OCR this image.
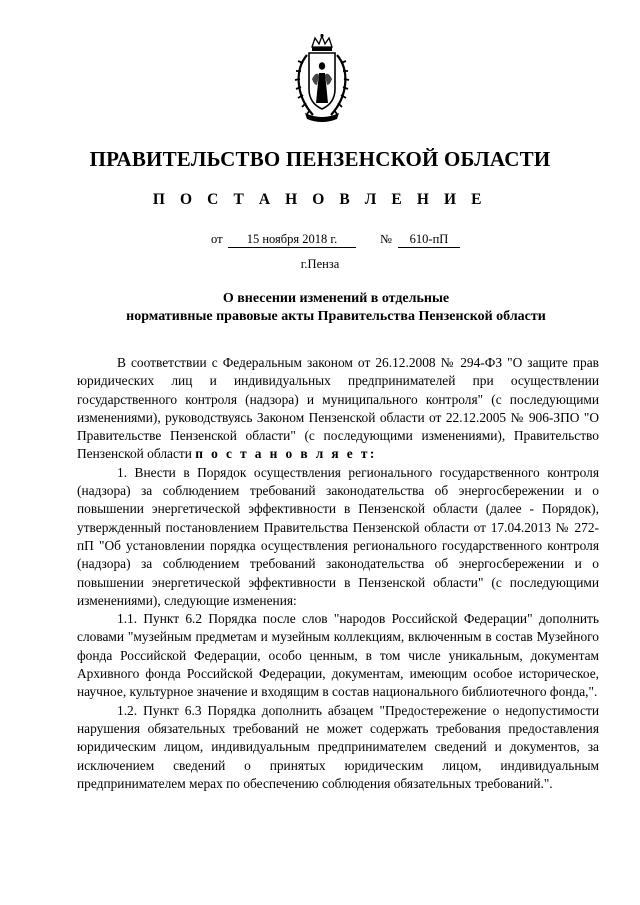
ПРАВИТЕЛЬСТВО ПЕНЗЕНСКОЙ ОБЛАСТИ
П О С Т А Н О В Л Е Н И Е
от	15 ноября 2018 г.	№	610-пП
г.Пенза
О внесении изменений в отдельные
нормативные правовые акты Правительства Пензенской области

В соответствии с Федеральным законом от 26.12.2008 № 294-ФЗ "О защите прав юридических лиц и индивидуальных предпринимателей при осуществлении государственного контроля (надзора) и муниципального контроля" (с последующими изменениями), руководствуясь Законом Пензенской области от 22.12.2005 № 906-ЗПО "О Правительстве Пензенской области" (с последующими изменениями), Правительство Пензенской области п о с т а н о в л я е т:

1. Внести в Порядок осуществления регионального государственного контроля (надзора) за соблюдением требований законодательства об энергосбережении и о повышении энергетической эффективности в Пензенской области (далее - Порядок), утвержденный постановлением Правительства Пензенской области от 17.04.2013 № 272-пП "Об установлении порядка осуществления регионального государственного контроля (надзора) за соблюдением требований законодательства об энергосбережении и о повышении энергетической эффективности в Пензенской области" (с последующими изменениями), следующие изменения:

1.1. Пункт 6.2 Порядка после слов "народов Российской Федерации" дополнить словами "музейным предметам и музейным коллекциям, включенным в состав Музейного фонда Российской Федерации, особо ценным, в том числе уникальным, документам Архивного фонда Российской Федерации, документам, имеющим особое историческое, научное, культурное значение и входящим в состав национального библиотечного фонда,".

1.2. Пункт 6.3 Порядка дополнить абзацем "Предостережение о недопустимости нарушения обязательных требований не может содержать требования предоставления юридическим лицом, индивидуальным предпринимателем сведений и документов, за исключением сведений о принятых юридическим лицом, индивидуальным предпринимателем мерах по обеспечению соблюдения обязательных требований.".
